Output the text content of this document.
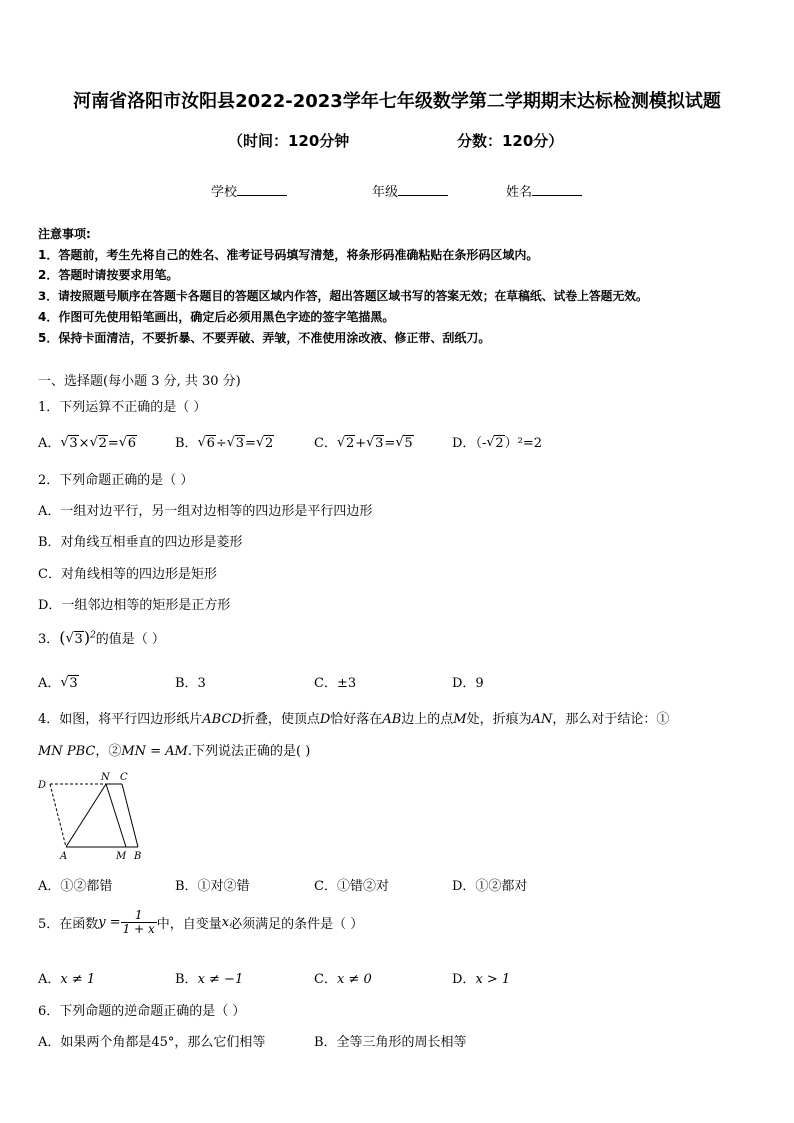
河南省洛阳市汝阳县2022-2023学年七年级数学第二学期期末达标检测模拟试题
（时间：120分钟	分数：120分）
学校	年级	姓名
注意事项:
1．答题前，考生先将自己的姓名、准考证号码填写清楚，将条形码准确粘贴在条形码区域内。
2．答题时请按要求用笔。
3．请按照题号顺序在答题卡各题目的答题区域内作答，超出答题区域书写的答案无效；在草稿纸、试卷上答题无效。
4．作图可先使用铅笔画出，确定后必须用黑色字迹的签字笔描黑。
5．保持卡面清洁，不要折暴、不要弄破、弄皱，不准使用涂改液、修正带、刮纸刀。
一、选择题(每小题 3 分, 共 30 分)
1．下列运算不正确的是（ ）
A． √ 3× √ 2= √ 6	B． √ 6÷ √ 3= √ 2	C． √ 2+ √ 3= √ 5	D．（- √ 2）²=2
2．下列命题正确的是（ ）
A．一组对边平行，另一组对边相等的四边形是平行四边形
B．对角线互相垂直的四边形是菱形
C．对角线相等的四边形是矩形
D．一组邻边相等的矩形是正方形
3．( √ 3)$^2$的值是（ ）
A． √ 3	B．3	C．±3	D．9
4．如图，将平行四边形纸片ABCD折叠，使顶点D恰好落在AB边上的点M处，折痕为AN，那么对于结论：①
MN PBC，②MN = AM.下列说法正确的是( )
D
N C
A	M B
A．①②都错	B．①对②错	C．①错②对	D．①②都对
5．在函数$y = \frac{1}{1 + x}$ 中，自变量x必须满足的条件是（ ）
A．x ≠ 1	B．x ≠ −1	C．x ≠ 0	D．x > 1
6．下列命题的逆命题正确的是（ ）
A．如果两个角都是45°，那么它们相等	B．全等三角形的周长相等
